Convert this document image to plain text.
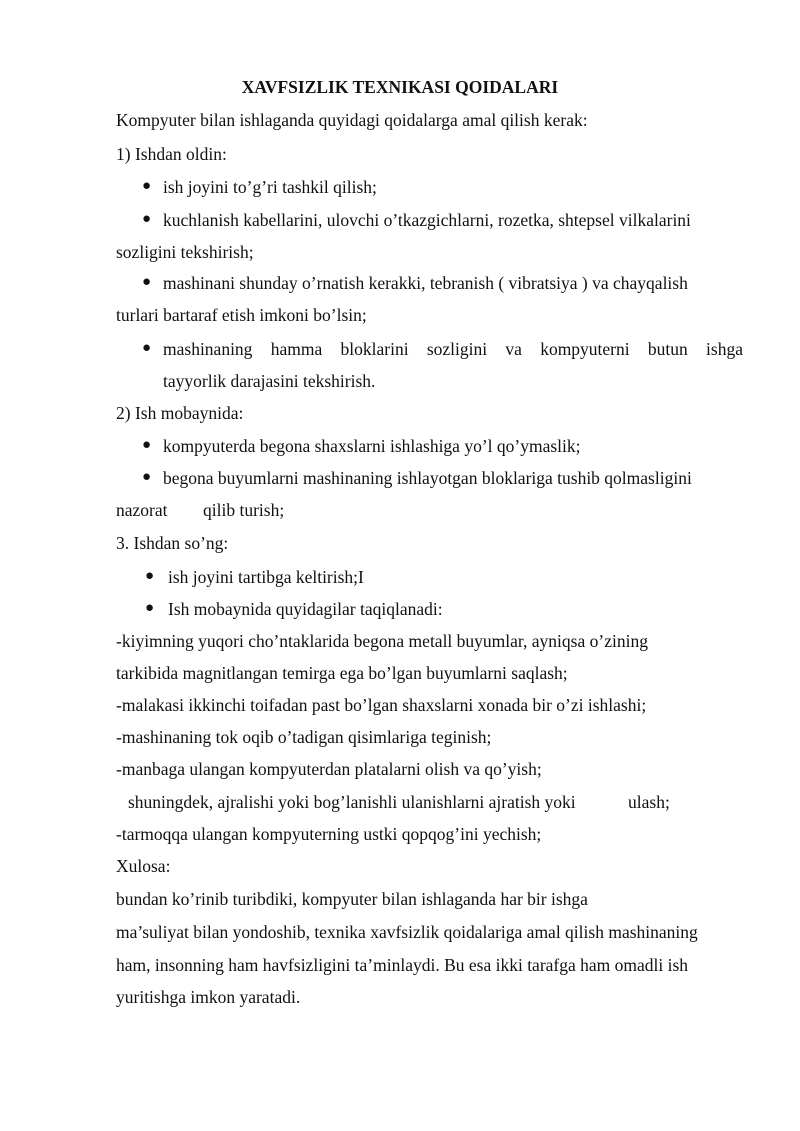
XAVFSIZLIK TEXNIKASI QOIDALARI
Kompyuter bilan ishlaganda quyidagi qoidalarga amal qilish kerak:
1) Ishdan oldin:
● ish joyini to’g’ri tashkil qilish;
● kuchlanish kabellarini, ulovchi o’tkazgichlarni, rozetka, shtepsel vilkalarini
sozligini tekshirish;
● mashinani shunday o’rnatish kerakki, tebranish ( vibratsiya ) va chayqalish
turlari bartaraf etish imkoni bo’lsin;
● mashinaning hamma bloklarini sozligini va kompyuterni butun ishga
tayyorlik darajasini tekshirish.
2) Ish mobaynida:
● kompyuterda begona shaxslarni ishlashiga yo’l qo’ymaslik;
● begona buyumlarni mashinaning ishlayotgan bloklariga tushib qolmasligini
nazorat qilib turish;
3. Ishdan so’ng:
● ish joyini tartibga keltirish;I
● Ish mobaynida quyidagilar taqiqlanadi:
-kiyimning yuqori cho’ntaklarida begona metall buyumlar, ayniqsa o’zining
tarkibida magnitlangan temirga ega bo’lgan buyumlarni saqlash;
-malakasi ikkinchi toifadan past bo’lgan shaxslarni xonada bir o’zi ishlashi;
-mashinaning tok oqib o’tadigan qisimlariga teginish;
-manbaga ulangan kompyuterdan platalarni olish va qo’yish;
shuningdek, ajralishi yoki bog’lanishli ulanishlarni ajratish yoki	ulash;
-tarmoqqa ulangan kompyuterning ustki qopqog’ini yechish;
Xulosa:
bundan ko’rinib turibdiki, kompyuter bilan ishlaganda har bir ishga
ma’suliyat bilan yondoshib, texnika xavfsizlik qoidalariga amal qilish mashinaning
ham, insonning ham havfsizligini ta’minlaydi. Bu esa ikki tarafga ham omadli ish
yuritishga imkon yaratadi.
